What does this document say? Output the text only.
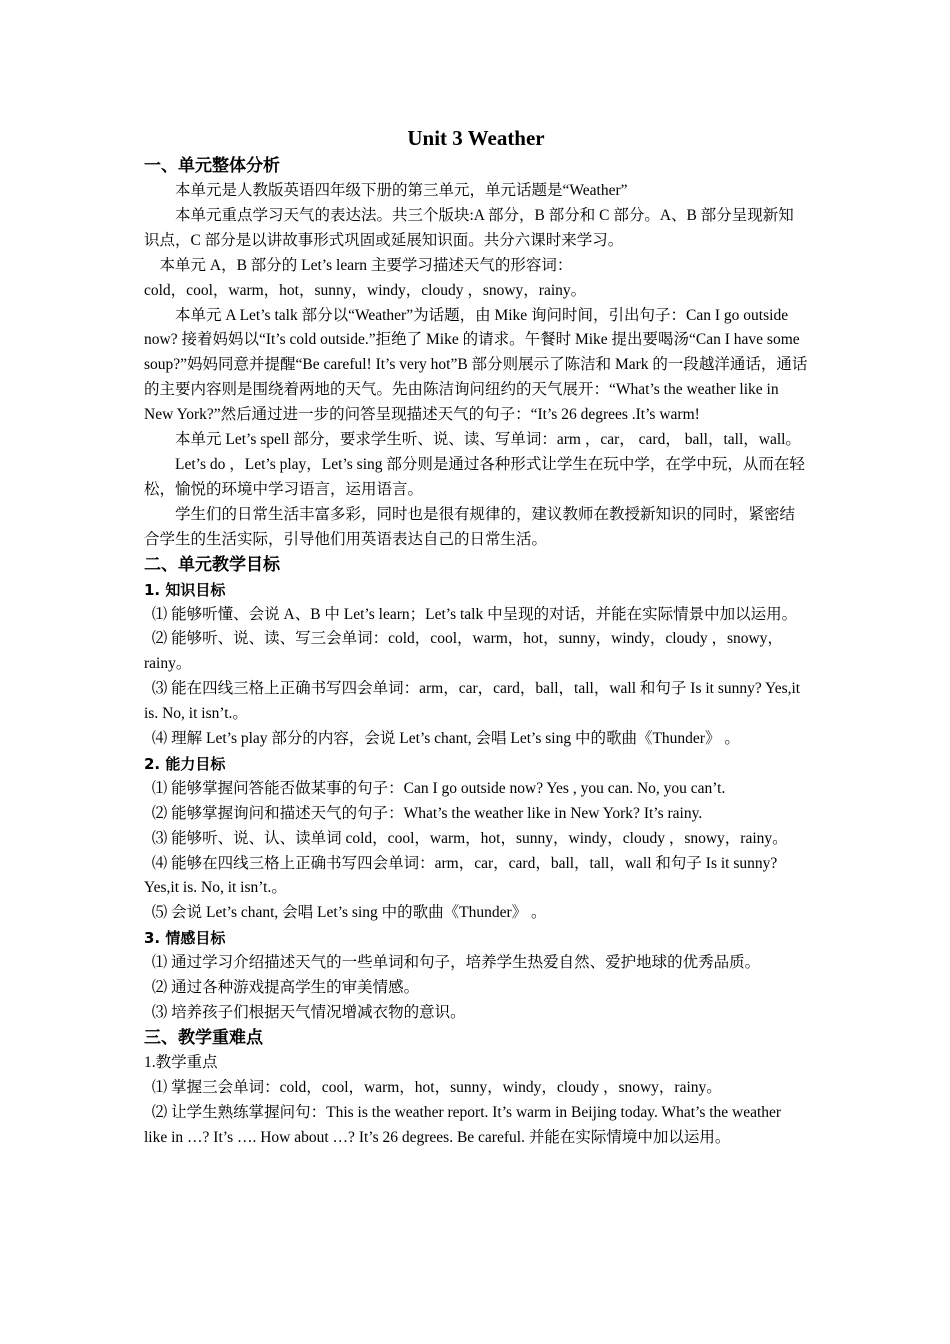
Unit 3 Weather
一、单元整体分析

本单元是人教版英语四年级下册的第三单元，单元话题是“Weather”

本单元重点学习天气的表达法。共三个版块:A 部分，B 部分和 C 部分。A、B 部分呈现新知识点，C 部分是以讲故事形式巩固或延展知识面。共分六课时来学习。

本单元 A，B 部分的 Let’s learn 主要学习描述天气的形容词：

cold，cool，warm，hot，sunny，windy，cloudy ，snowy，rainy。

本单元 A Let’s talk 部分以“Weather”为话题，由 Mike 询问时间，引出句子：Can I go outside now? 接着妈妈以“It’s cold outside.”拒绝了 Mike 的请求。午餐时 Mike 提出要喝汤“Can I have some soup?”妈妈同意并提醒“Be careful! It’s very hot”B 部分则展示了陈洁和 Mark 的一段越洋通话，通话的主要内容则是围绕着两地的天气。先由陈洁询问纽约的天气展开：“What’s the weather like in New York?”然后通过进一步的问答呈现描述天气的句子：“It’s 26 degrees .It’s warm!

本单元 Let’s spell 部分，要求学生听、说、读、写单词：arm ，car， card， ball，tall，wall。

Let’s do ，Let’s play，Let’s sing 部分则是通过各种形式让学生在玩中学，在学中玩，从而在轻松，愉悦的环境中学习语言，运用语言。

学生们的日常生活丰富多彩，同时也是很有规律的，建议教师在教授新知识的同时，紧密结合学生的生活实际，引导他们用英语表达自己的日常生活。

二、单元教学目标
1. 知识目标

⑴ 能够听懂、会说 A、B 中 Let’s learn；Let’s talk 中呈现的对话，并能在实际情景中加以运用。

⑵ 能够听、说、读、写三会单词：cold，cool，warm，hot，sunny，windy，cloudy ，snowy，rainy。

⑶ 能在四线三格上正确书写四会单词：arm，car，card，ball，tall，wall 和句子 Is it sunny? Yes,it is. No, it isn’t.。

⑷ 理解 Let’s play 部分的内容，会说 Let’s chant, 会唱 Let’s sing 中的歌曲《Thunder》 。

2. 能力目标

⑴ 能够掌握问答能否做某事的句子：Can I go outside now? Yes , you can. No, you can’t.

⑵ 能够掌握询问和描述天气的句子：What’s the weather like in New York? It’s rainy.

⑶ 能够听、说、认、读单词 cold，cool，warm，hot，sunny，windy，cloudy ，snowy，rainy。

⑷ 能够在四线三格上正确书写四会单词：arm，car，card，ball，tall，wall 和句子 Is it sunny? Yes,it is. No, it isn’t.。

⑸ 会说 Let’s chant, 会唱 Let’s sing 中的歌曲《Thunder》 。

3. 情感目标

⑴ 通过学习介绍描述天气的一些单词和句子，培养学生热爱自然、爱护地球的优秀品质。

⑵ 通过各种游戏提高学生的审美情感。

⑶ 培养孩子们根据天气情况增减衣物的意识。

三、教学重难点

1.教学重点

⑴ 掌握三会单词：cold，cool，warm，hot，sunny，windy，cloudy ，snowy，rainy。

⑵ 让学生熟练掌握问句：This is the weather report. It’s warm in Beijing today. What’s the weather like in …? It’s …. How about …? It’s 26 degrees. Be careful. 并能在实际情境中加以运用。
